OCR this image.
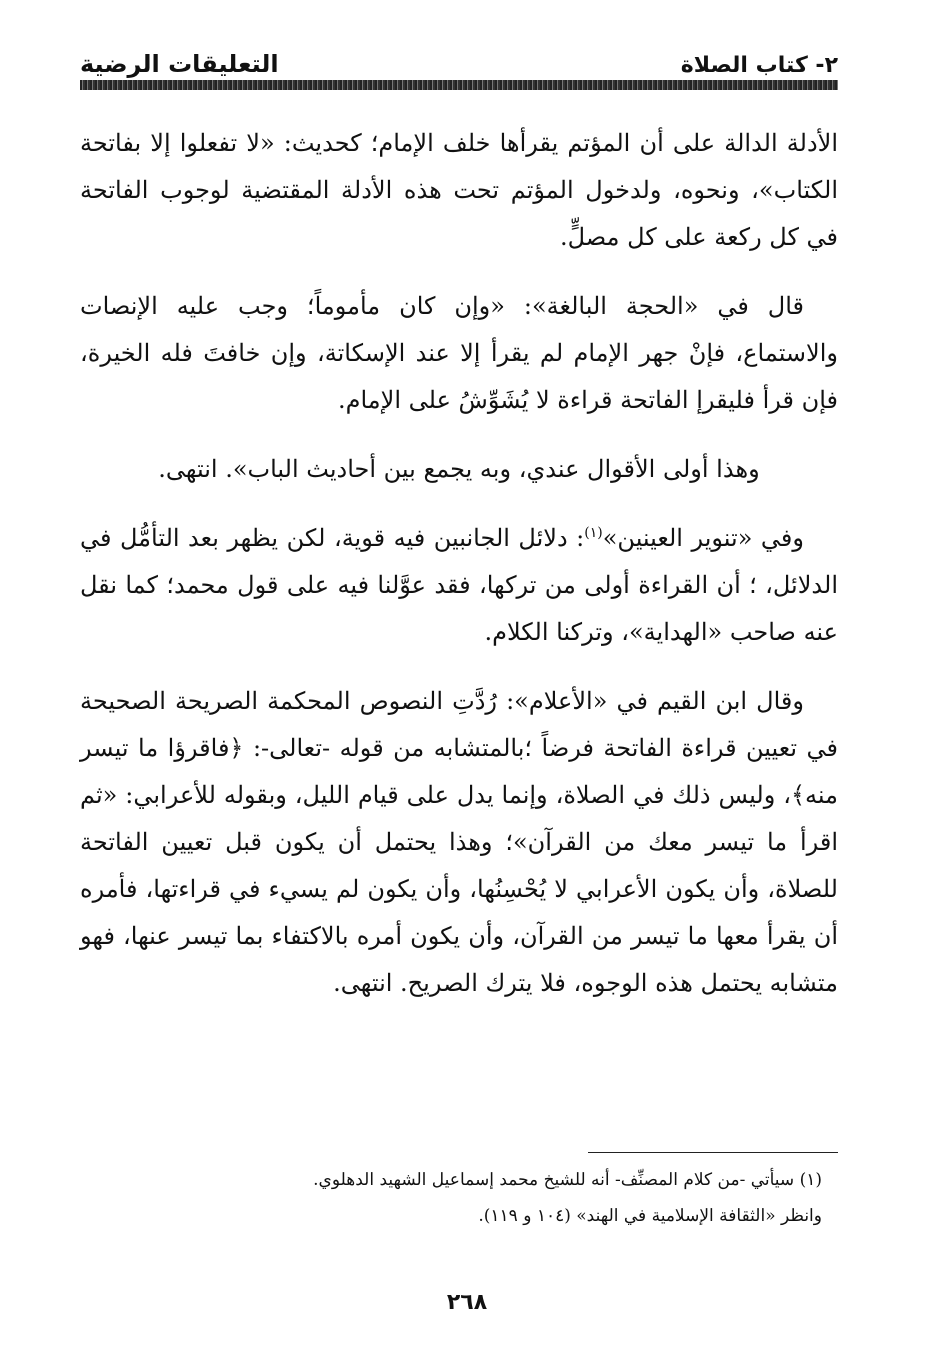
٢- كتاب الصلاة
التعليقات الرضية

الأدلة الدالة على أن المؤتم يقرأها خلف الإمام؛ كحديث: «لا تفعلوا إلا بفاتحة الكتاب»، ونحوه، ولدخول المؤتم تحت هذه الأدلة المقتضية لوجوب الفاتحة في كل ركعة على كل مصلٍّ.

قال في «الحجة البالغة»: «وإن كان مأموماً؛ وجب عليه الإنصات والاستماع، فإنْ جهر الإمام لم يقرأ إلا عند الإسكاتة، وإن خافتَ فله الخيرة، فإن قرأ فليقرإ الفاتحة قراءة لا يُشَوِّشُ على الإمام.

وهذا أولى الأقوال عندي، وبه يجمع بين أحاديث الباب». انتهى.

وفي «تنوير العينين»$^{(١)}$: دلائل الجانبين فيه قوية، لكن يظهر بعد التأمُّل في الدلائل، ؛ أن القراءة أولى من تركها، فقد عوَّلنا فيه على قول محمد؛ كما نقل عنه صاحب «الهداية»، وتركنا الكلام.

وقال ابن القيم في «الأعلام»: رُدَّتِ النصوص المحكمة الصريحة الصحيحة في تعيين قراءة الفاتحة فرضاً ؛بالمتشابه من قوله -تعالى-: ﴿فاقرؤا ما تيسر منه﴾، وليس ذلك في الصلاة، وإنما يدل على قيام الليل، وبقوله للأعرابي: «ثم اقرأ ما تيسر معك من القرآن»؛ وهذا يحتمل أن يكون قبل تعيين الفاتحة للصلاة، وأن يكون الأعرابي لا يُحْسِنُها، وأن يكون لم يسيء في قراءتها، فأمره أن يقرأ معها ما تيسر من القرآن، وأن يكون أمره بالاكتفاء بما تيسر عنها، فهو متشابه يحتمل هذه الوجوه، فلا يترك الصريح. انتهى.

(١) سيأتي -من كلام المصنِّف- أنه للشيخ محمد إسماعيل الشهيد الدهلوي.

وانظر «الثقافة الإسلامية في الهند» (١٠٤ و ١١٩).

٢٦٨
